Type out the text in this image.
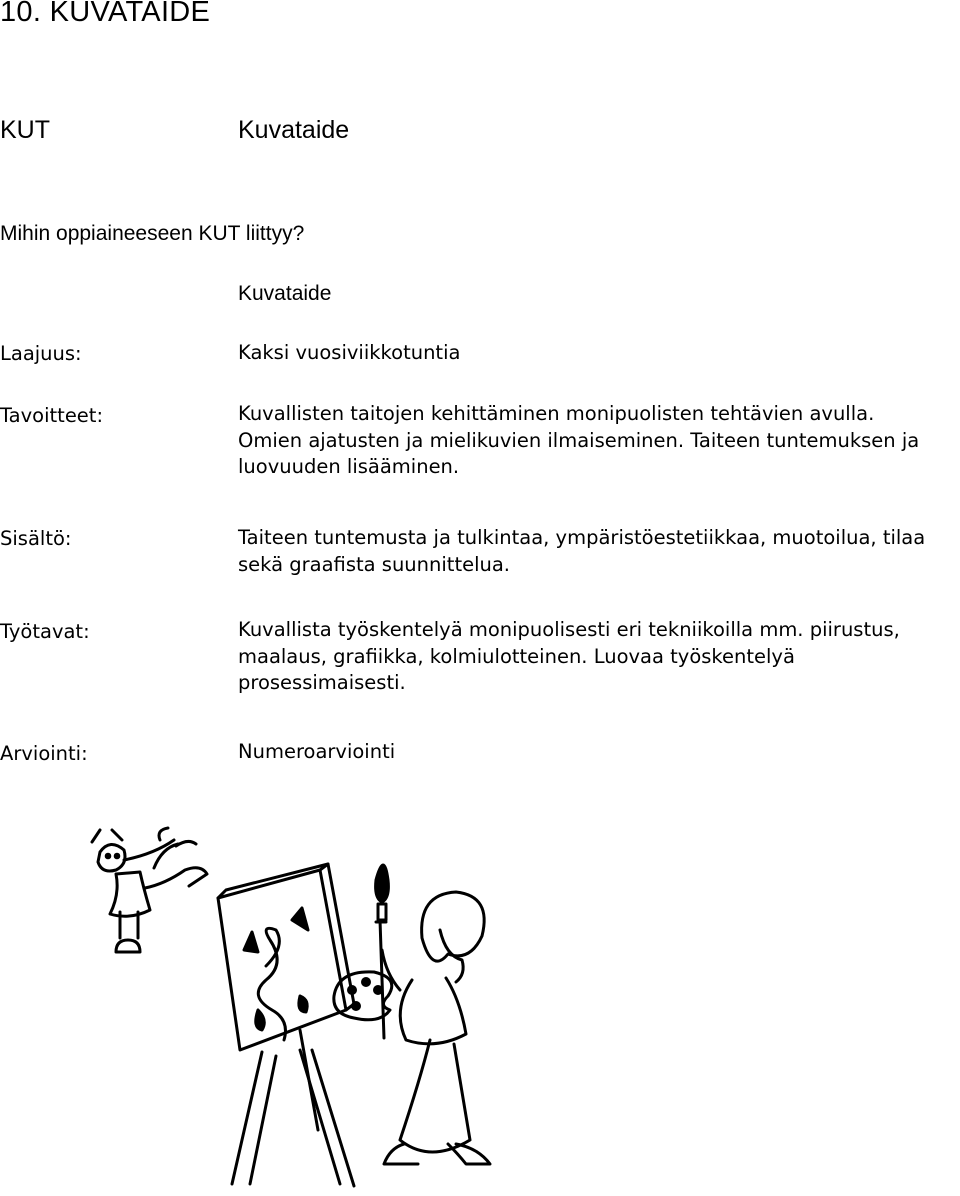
10. KUVATAIDE
KUT	Kuvataide
Mihin oppiaineeseen KUT liittyy?
Kuvataide
Laajuus:	Kaksi vuosiviikkotuntia
Tavoitteet:	Kuvallisten taitojen kehittäminen monipuolisten tehtävien avulla.
Omien ajatusten ja mielikuvien ilmaiseminen. Taiteen tuntemuksen ja
luovuuden lisääminen.
Sisältö:	Taiteen tuntemusta ja tulkintaa, ympäristöestetiikkaa, muotoilua, tilaa
sekä graafista suunnittelua.
Työtavat:	Kuvallista työskentelyä monipuolisesti eri tekniikoilla mm. piirustus,
maalaus, grafiikka, kolmiulotteinen. Luovaa työskentelyä
prosessimaisesti.
Arviointi:	Numeroarviointi
